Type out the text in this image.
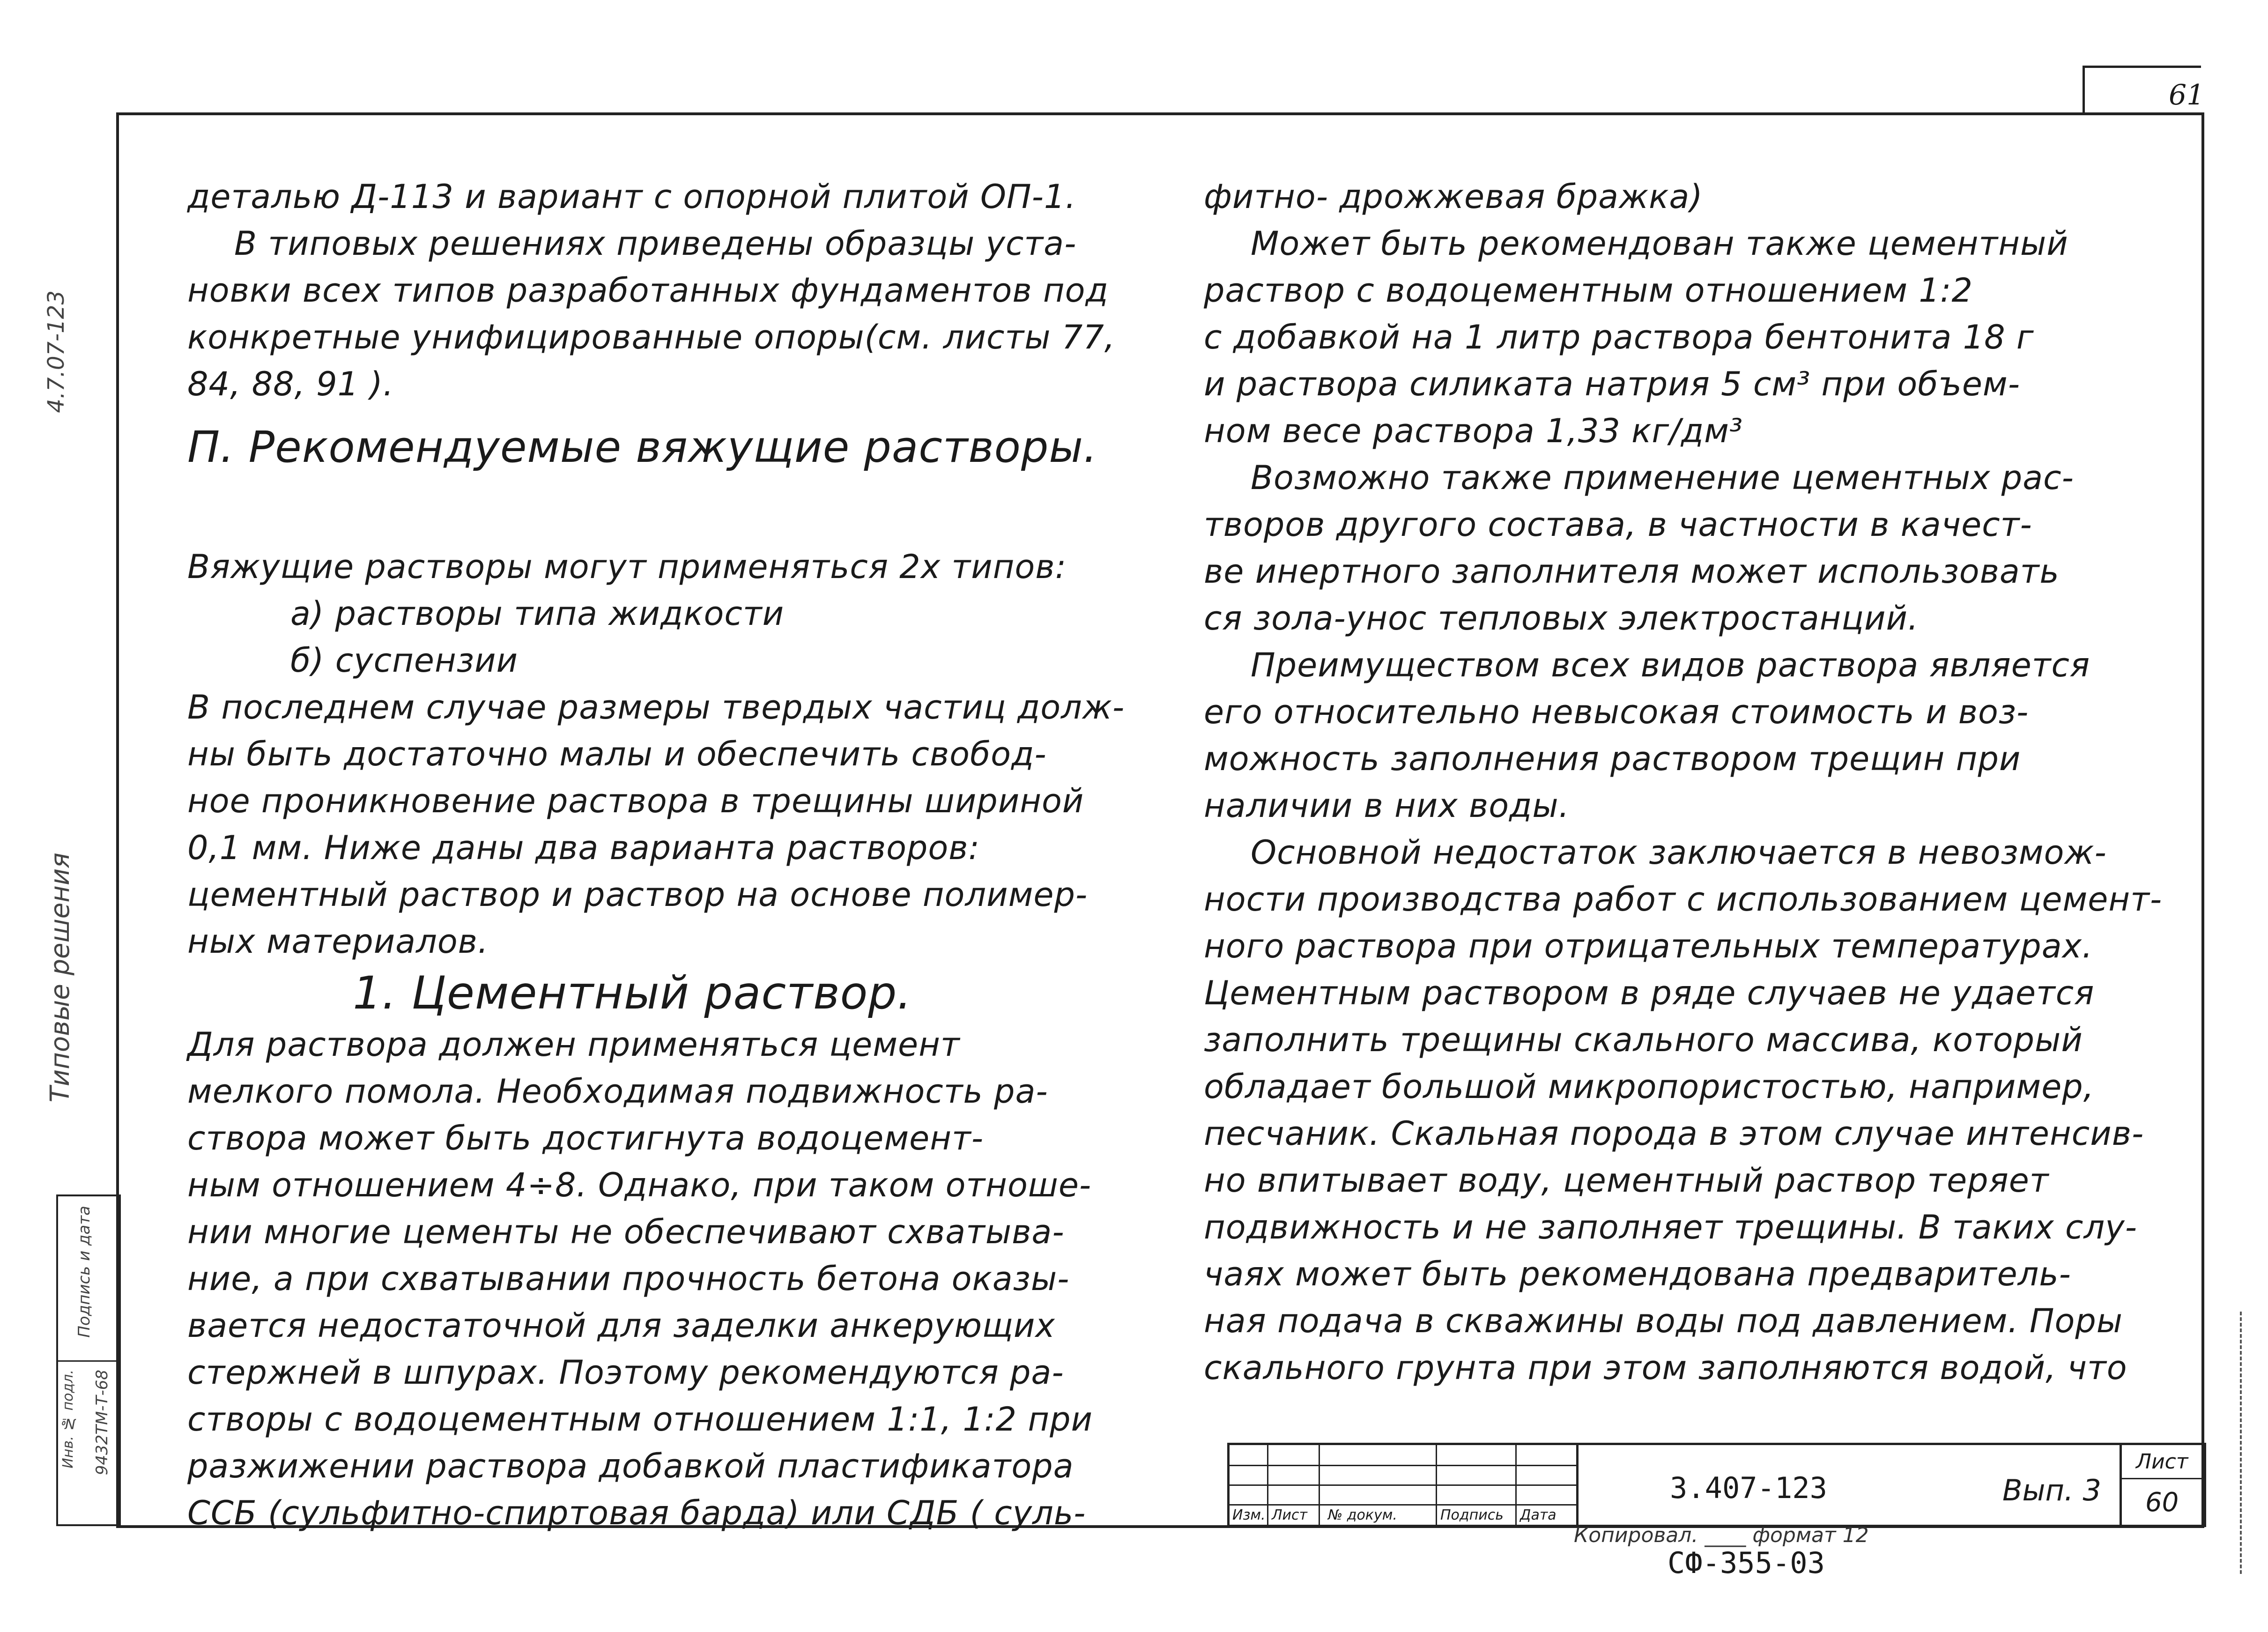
61
4.7.07-123
Типовые решения
Подпись и дата
9432ТМ-Т-68
Инв. № подл.
деталью Д-113 и вариант с опорной плитой ОП-1.
В типовых решениях приведены образцы уста-
новки всех типов разработанных фундаментов под
конкретные унифицированные опоры(см. листы 77,
84, 88, 91 ).
П. Рекомендуемые вяжущие растворы.
Вяжущие растворы могут применяться 2х типов:
а) растворы типа жидкости
б) суспензии
В последнем случае размеры твердых частиц долж-
ны быть достаточно малы и обеспечить свобод-
ное проникновение раствора в трещины шириной
0,1 мм. Ниже даны два варианта растворов:
цементный раствор и раствор на основе полимер-
ных материалов.
1. Цементный раствор.
Для раствора должен применяться цемент
мелкого помола. Необходимая подвижность ра-
створа может быть достигнута водоцемент-
ным отношением 4÷8. Однако, при таком отноше-
нии многие цементы не обеспечивают схватыва-
ние, а при схватывании прочность бетона оказы-
вается недостаточной для заделки анкерующих
стержней в шпурах. Поэтому рекомендуются ра-
створы с водоцементным отношением 1:1, 1:2 при
разжижении раствора добавкой пластификатора
ССБ (сульфитно-спиртовая барда) или СДБ ( суль-
фитно- дрожжевая бражка)
Может быть рекомендован также цементный
раствор с водоцементным отношением 1:2
с добавкой на 1 литр раствора бентонита 18 г
и раствора силиката натрия 5 см³ при объем-
ном весе раствора 1,33 кг/дм³
Возможно также применение цементных рас-
творов другого состава, в частности в качест-
ве инертного заполнителя может использовать
ся зола-унос тепловых электростанций.
Преимуществом всех видов раствора является
его относительно невысокая стоимость и воз-
можность заполнения раствором трещин при
наличии в них воды.
Основной недостаток заключается в невозмож-
ности производства работ с использованием цемент-
ного раствора при отрицательных температурах.
Цементным раствором в ряде случаев не удается
заполнить трещины скального массива, который
обладает большой микропористостью, например,
песчаник. Скальная порода в этом случае интенсив-
но впитывает воду, цементный раствор теряет
подвижность и не заполняет трещины. В таких слу-
чаях может быть рекомендована предваритель-
ная подача в скважины воды под давлением. Поры
скального грунта при этом заполняются водой, что
Изм. Лист № докум.	Подпись Дата
3.407-123	Вып. 3
Лист
60
Копировал. ____ формат 12
СФ-355-03
